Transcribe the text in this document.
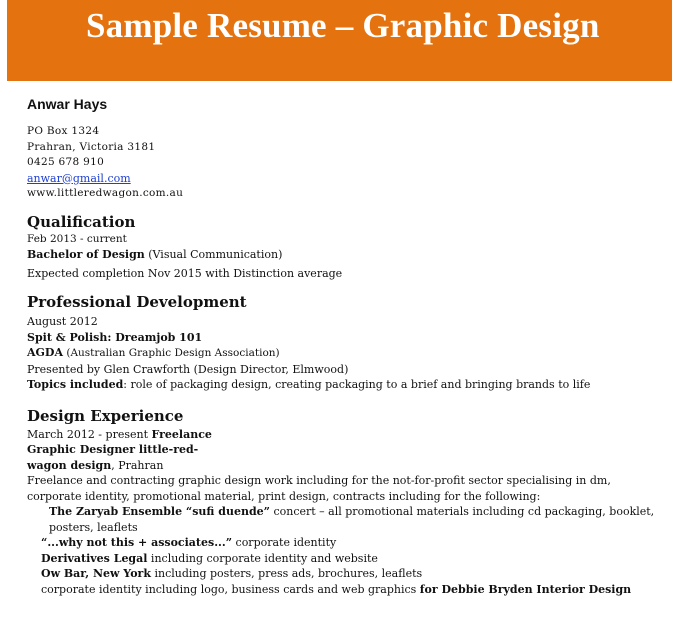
Sample Resume – Graphic Design
Anwar Hays
PO Box 1324
Prahran, Victoria 3181
0425 678 910
anwar@gmail.com
www.littleredwagon.com.au
Qualification
Feb 2013 - current
Bachelor of Design (Visual Communication)
Expected completion Nov 2015 with Distinction average
Professional Development
August 2012
Spit & Polish: Dreamjob 101
AGDA (Australian Graphic Design Association)
Presented by Glen Crawforth (Design Director, Elmwood)
Topics included: role of packaging design, creating packaging to a brief and bringing brands to life
Design Experience
March 2012 - present Freelance
Graphic Designer little-red-
wagon design, Prahran
Freelance and contracting graphic design work including for the not-for-profit sector specialising in dm,
corporate identity, promotional material, print design, contracts including for the following:
The Zaryab Ensemble “sufi duende” concert – all promotional materials including cd packaging, booklet,
posters, leaflets
“...why not this + associates...” corporate identity
Derivatives Legal including corporate identity and website
Ow Bar, New York including posters, press ads, brochures, leaflets
corporate identity including logo, business cards and web graphics for Debbie Bryden Interior Design
